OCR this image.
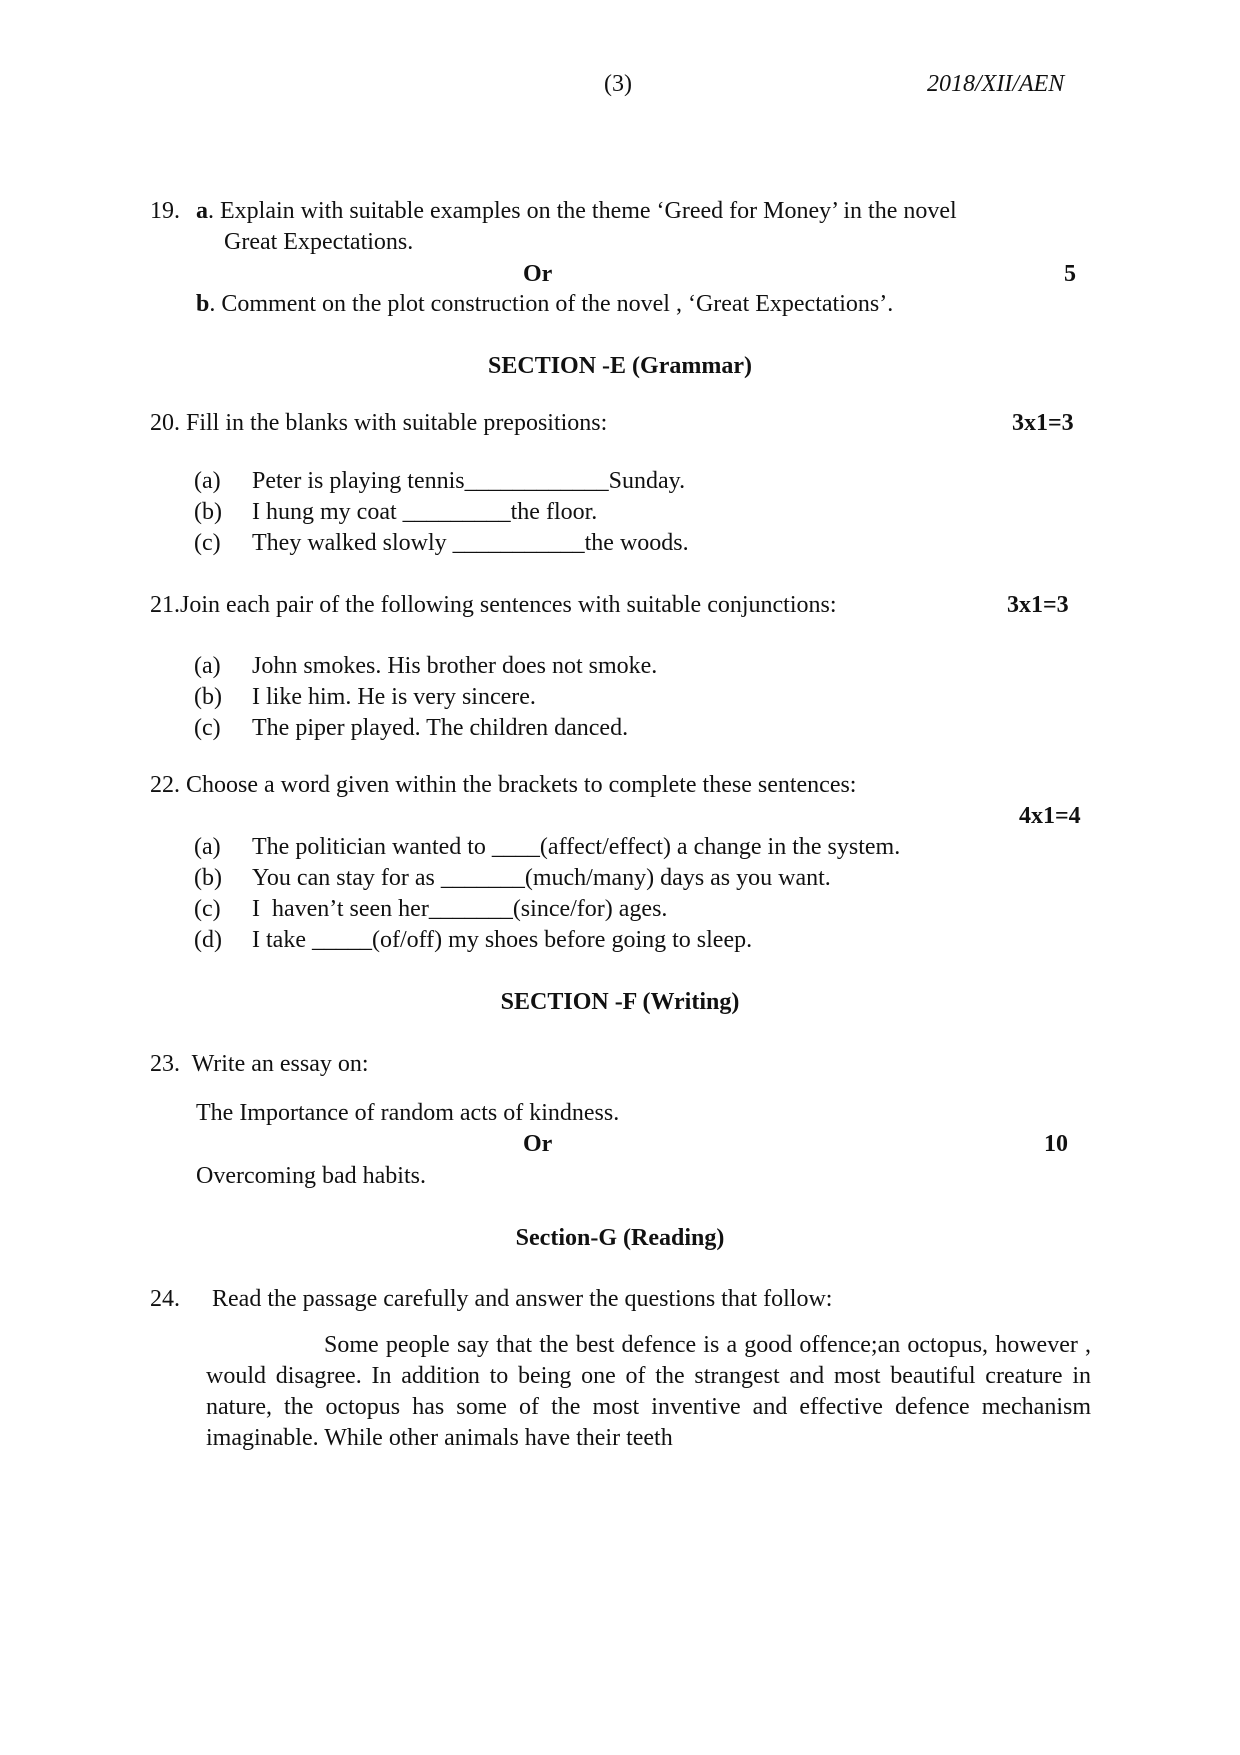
(3)	2018/XII/AEN
19. a. Explain with suitable examples on the theme ‘Greed for Money’ in the novel
Great Expectations.
Or	5
b. Comment on the plot construction of the novel , ‘Great Expectations’.
SECTION -E (Grammar)
20. Fill in the blanks with suitable prepositions:	3x1=3
(a) Peter is playing tennis____________Sunday.
(b) I hung my coat _________the floor.
(c) They walked slowly ___________the woods.
21.Join each pair of the following sentences with suitable conjunctions:	3x1=3
(a) John smokes. His brother does not smoke.
(b) I like him. He is very sincere.
(c) The piper played. The children danced.
22. Choose a word given within the brackets to complete these sentences:
4x1=4
(a) The politician wanted to ____(affect/effect) a change in the system.
(b) You can stay for as _______(much/many) days as you want.
(c) I  haven’t seen her_______(since/for) ages.
(d) I take _____(of/off) my shoes before going to sleep.
SECTION -F (Writing)
23.  Write an essay on:
The Importance of random acts of kindness.
Or	10
Overcoming bad habits.
Section-G (Reading)
24. Read the passage carefully and answer the questions that follow:
Some people say that the best defence is a good offence;an octopus, however , would disagree. In addition to being one of the strangest and most beautiful creature in nature, the octopus has some of the most inventive and effective defence mechanism imaginable. While other animals have their teeth
